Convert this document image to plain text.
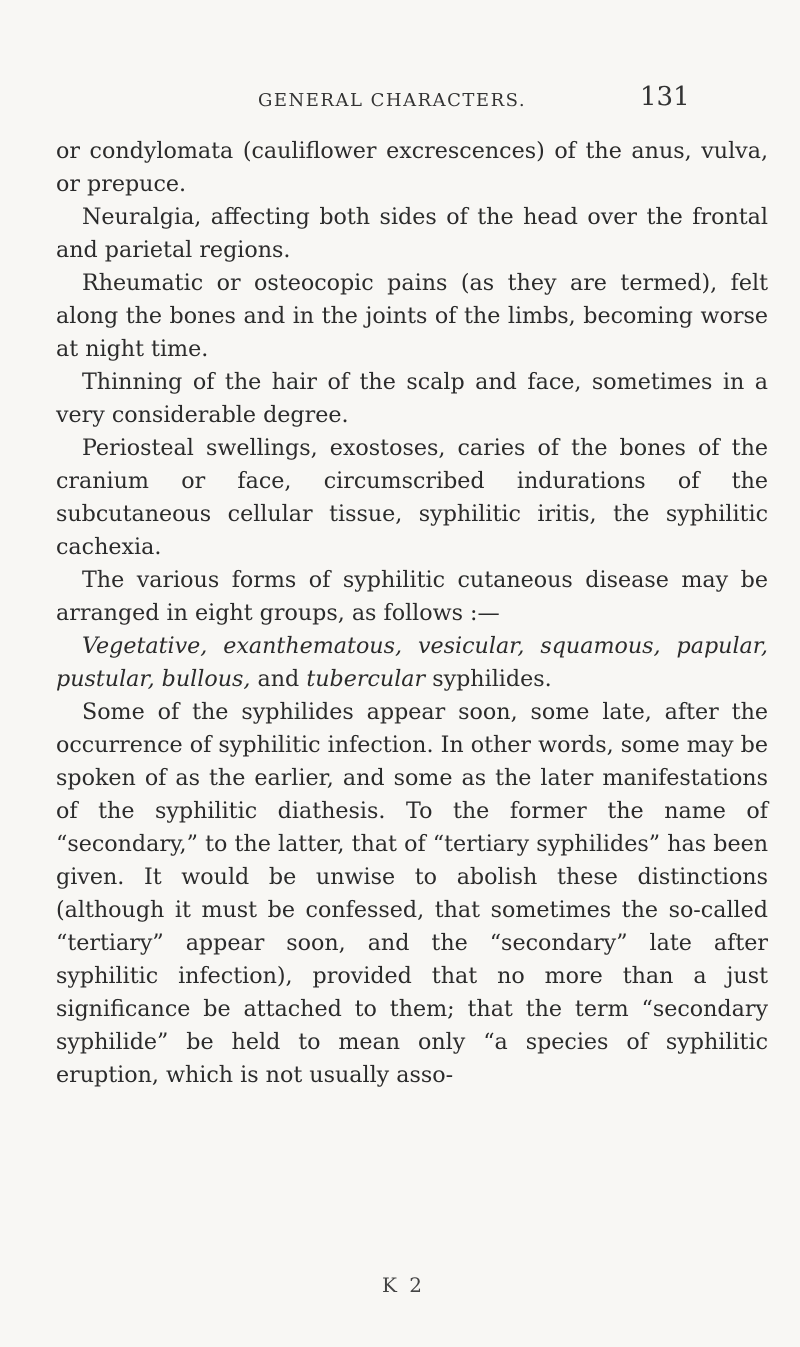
GENERAL CHARACTERS.	131

or condylomata (cauliflower excrescences) of the anus, vulva, or prepuce.

Neuralgia, affecting both sides of the head over the frontal and parietal regions.

Rheumatic or osteocopic pains (as they are termed), felt along the bones and in the joints of the limbs, becoming worse at night time.

Thinning of the hair of the scalp and face, sometimes in a very considerable degree.

Periosteal swellings, exostoses, caries of the bones of the cranium or face, circumscribed indurations of the subcutaneous cellular tissue, syphilitic iritis, the syphilitic cachexia.

The various forms of syphilitic cutaneous disease may be arranged in eight groups, as follows :—

Vegetative, exanthematous, vesicular, squamous, papular, pustular, bullous, and tubercular syphilides.

Some of the syphilides appear soon, some late, after the occurrence of syphilitic infection. In other words, some may be spoken of as the earlier, and some as the later manifestations of the syphilitic diathesis. To the former the name of “secondary,” to the latter, that of “tertiary syphilides” has been given. It would be unwise to abolish these distinctions (although it must be confessed, that sometimes the so-called “tertiary” appear soon, and the “secondary” late after syphilitic infection), provided that no more than a just significance be attached to them; that the term “secondary syphilide” be held to mean only “a species of syphilitic eruption, which is not usually asso-

K 2
